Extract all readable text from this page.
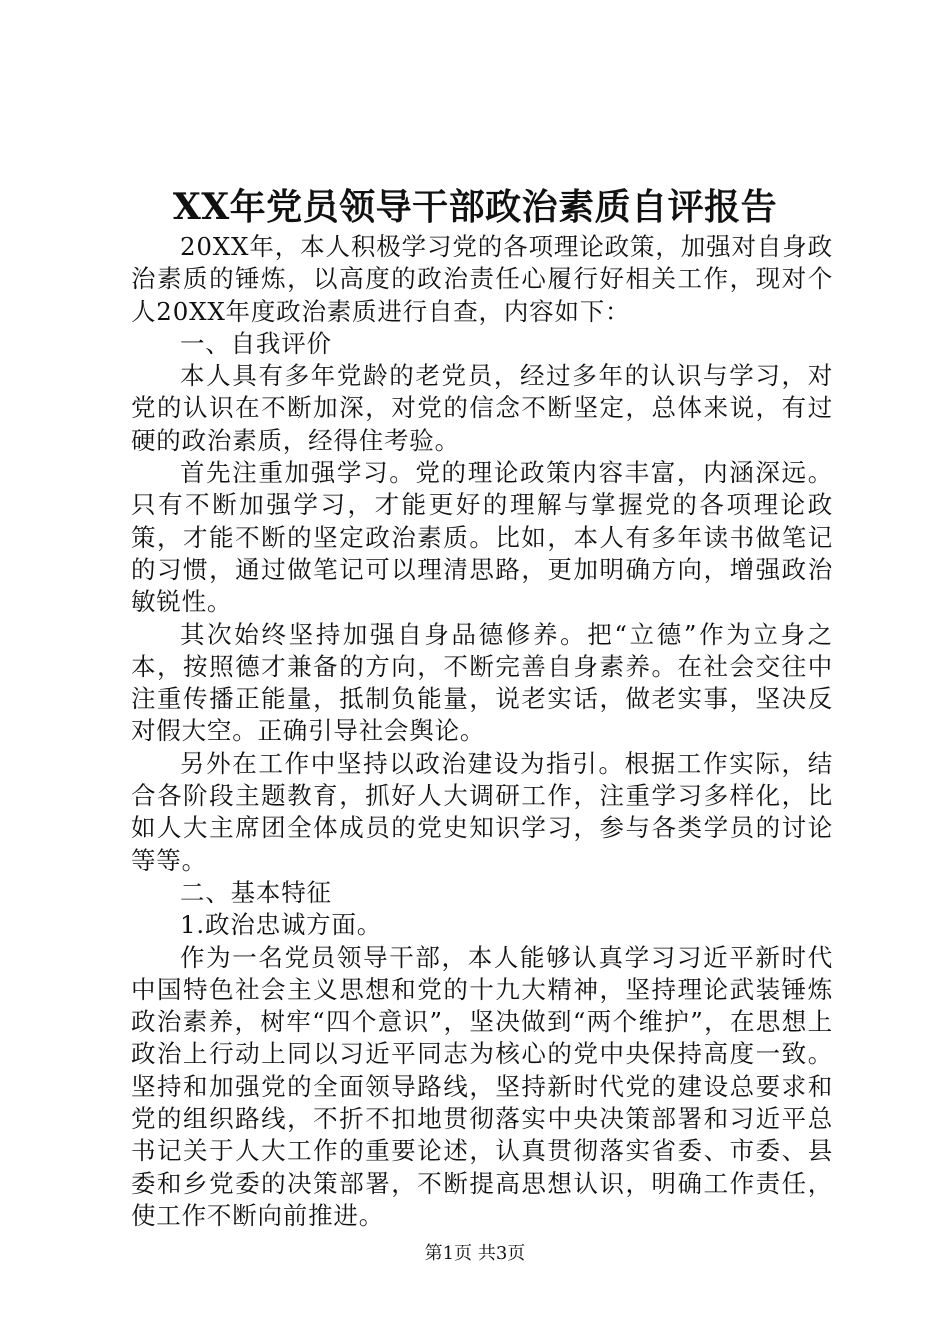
XX年党员领导干部政治素质自评报告

20XX年，本人积极学习党的各项理论政策，加强对自身政治素质的锤炼，以高度的政治责任心履行好相关工作，现对个人20XX年度政治素质进行自查，内容如下：

一、自我评价

本人具有多年党龄的老党员，经过多年的认识与学习，对党的认识在不断加深，对党的信念不断坚定，总体来说，有过硬的政治素质，经得住考验。

首先注重加强学习。党的理论政策内容丰富，内涵深远。只有不断加强学习，才能更好的理解与掌握党的各项理论政策，才能不断的坚定政治素质。比如，本人有多年读书做笔记的习惯，通过做笔记可以理清思路，更加明确方向，增强政治敏锐性。

其次始终坚持加强自身品德修养。把“立德”作为立身之本，按照德才兼备的方向，不断完善自身素养。在社会交往中注重传播正能量，抵制负能量，说老实话，做老实事，坚决反对假大空。正确引导社会舆论。

另外在工作中坚持以政治建设为指引。根据工作实际，结合各阶段主题教育，抓好人大调研工作，注重学习多样化，比如人大主席团全体成员的党史知识学习，参与各类学员的讨论等等。

二、基本特征

1.政治忠诚方面。

作为一名党员领导干部，本人能够认真学习习近平新时代中国特色社会主义思想和党的十九大精神，坚持理论武装锤炼政治素养，树牢“四个意识”，坚决做到“两个维护”，在思想上政治上行动上同以习近平同志为核心的党中央保持高度一致。坚持和加强党的全面领导路线，坚持新时代党的建设总要求和党的组织路线，不折不扣地贯彻落实中央决策部署和习近平总书记关于人大工作的重要论述，认真贯彻落实省委、市委、县委和乡党委的决策部署，不断提高思想认识，明确工作责任，使工作不断向前推进。

第1页 共3页
